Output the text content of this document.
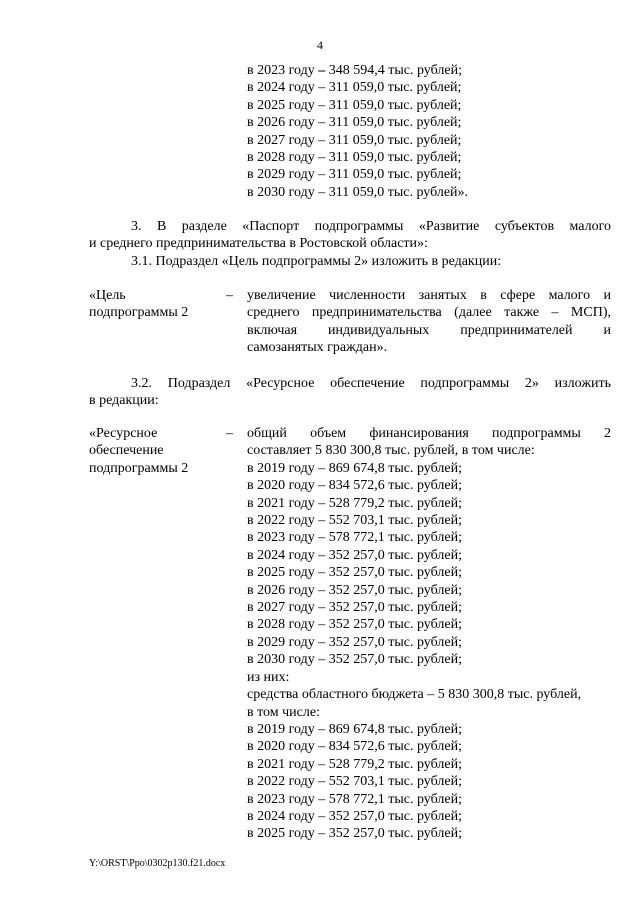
4
в 2023 году – 348 594,4 тыс. рублей;
в 2024 году – 311 059,0 тыс. рублей;
в 2025 году – 311 059,0 тыс. рублей;
в 2026 году – 311 059,0 тыс. рублей;
в 2027 году – 311 059,0 тыс. рублей;
в 2028 году – 311 059,0 тыс. рублей;
в 2029 году – 311 059,0 тыс. рублей;
в 2030 году – 311 059,0 тыс. рублей».
3. В разделе «Паспорт подпрограммы «Развитие субъектов малого
и среднего предпринимательства в Ростовской области»:
3.1. Подраздел «Цель подпрограммы 2» изложить в редакции:
«Цель
подпрограммы 2
– увеличение численности занятых в сфере малого и
среднего предпринимательства (далее также – МСП),
включая индивидуальных предпринимателей и
самозанятых граждан».
3.2. Подраздел «Ресурсное обеспечение подпрограммы 2» изложить
в редакции:
«Ресурсное
обеспечение
подпрограммы 2
– общий объем финансирования подпрограммы 2
составляет 5 830 300,8 тыс. рублей, в том числе:
в 2019 году – 869 674,8 тыс. рублей;
в 2020 году – 834 572,6 тыс. рублей;
в 2021 году – 528 779,2 тыс. рублей;
в 2022 году – 552 703,1 тыс. рублей;
в 2023 году – 578 772,1 тыс. рублей;
в 2024 году – 352 257,0 тыс. рублей;
в 2025 году – 352 257,0 тыс. рублей;
в 2026 году – 352 257,0 тыс. рублей;
в 2027 году – 352 257,0 тыс. рублей;
в 2028 году – 352 257,0 тыс. рублей;
в 2029 году – 352 257,0 тыс. рублей;
в 2030 году – 352 257,0 тыс. рублей;
из них:
средства областного бюджета – 5 830 300,8 тыс. рублей,
в том числе:
в 2019 году – 869 674,8 тыс. рублей;
в 2020 году – 834 572,6 тыс. рублей;
в 2021 году – 528 779,2 тыс. рублей;
в 2022 году – 552 703,1 тыс. рублей;
в 2023 году – 578 772,1 тыс. рублей;
в 2024 году – 352 257,0 тыс. рублей;
в 2025 году – 352 257,0 тыс. рублей;
Y:\ORST\Ppo\0302p130.f21.docx
